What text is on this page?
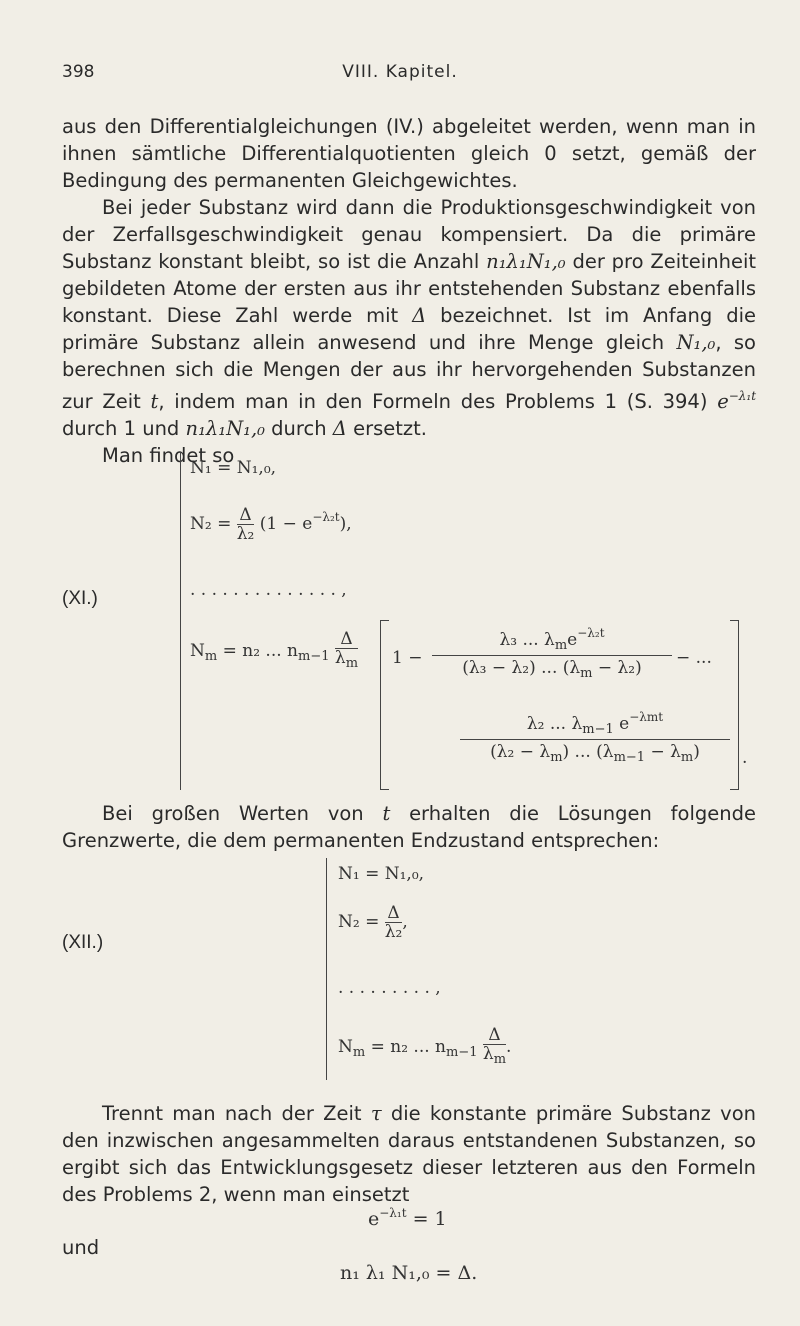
398	VIII. Kapitel.

aus den Differentialgleichungen (IV.) abgeleitet werden, wenn man in ihnen sämtliche Differentialquotienten gleich 0 setzt, gemäß der Bedingung des permanenten Gleichgewichtes.

Bei jeder Substanz wird dann die Produktionsgeschwindigkeit von der Zerfallsgeschwindigkeit genau kompensiert. Da die primäre Substanz konstant bleibt, so ist die Anzahl n₁λ₁N₁,₀ der pro Zeiteinheit gebildeten Atome der ersten aus ihr entstehenden Substanz ebenfalls konstant. Diese Zahl werde mit Δ bezeichnet. Ist im Anfang die primäre Substanz allein anwesend und ihre Menge gleich N₁,₀, so berechnen sich die Mengen der aus ihr hervorgehenden Substanzen zur Zeit t, indem man in den Formeln des Problems 1 (S. 394) $e^{-\lambda_1t}$ durch 1 und n₁λ₁N₁,₀ durch Δ ersetzt.

Man findet so

(XI.)
N₁ = N₁,₀,
$N_2 = \frac{\Delta}{\text{λ₂}} (1 - e^{-\lambda_2t})$,
. . . . . . . . . . . . . . ,
$N_m = n_2$ ... $n_{m-1} \frac{\Delta}{\lambda_m} 1$ −
λ₃ ... $\lambda_me^{-\lambda_2t}$
(λ₃ − λ₂) ... $(\lambda_m - \lambda_2)$	− ...
λ₂ ... $\lambda_{m-1}$ $e^{-\lambda mt}$
$(\lambda_2 - \lambda_m)$ ... $(\lambda_{m-1} - \lambda_m)$	.

Bei großen Werten von t erhalten die Lösungen folgende Grenzwerte, die dem permanenten Endzustand entsprechen:

(XII.)
N₁ = N₁,₀,
$N_2 = \frac{\Delta}{\text{λ₂}}$ ,
. . . . . . . . . ,
$N_m = n_2$ ... $n_{m-1} \frac{\Delta}{\lambda_m}$ .

Trennt man nach der Zeit τ die konstante primäre Substanz von den inzwischen angesammelten daraus entstandenen Substanzen, so ergibt sich das Entwicklungsgesetz dieser letzteren aus den Formeln des Problems 2, wenn man einsetzt

$e^{-\lambda_1t} = 1$
und
n₁ λ₁ N₁,₀ = Δ.
